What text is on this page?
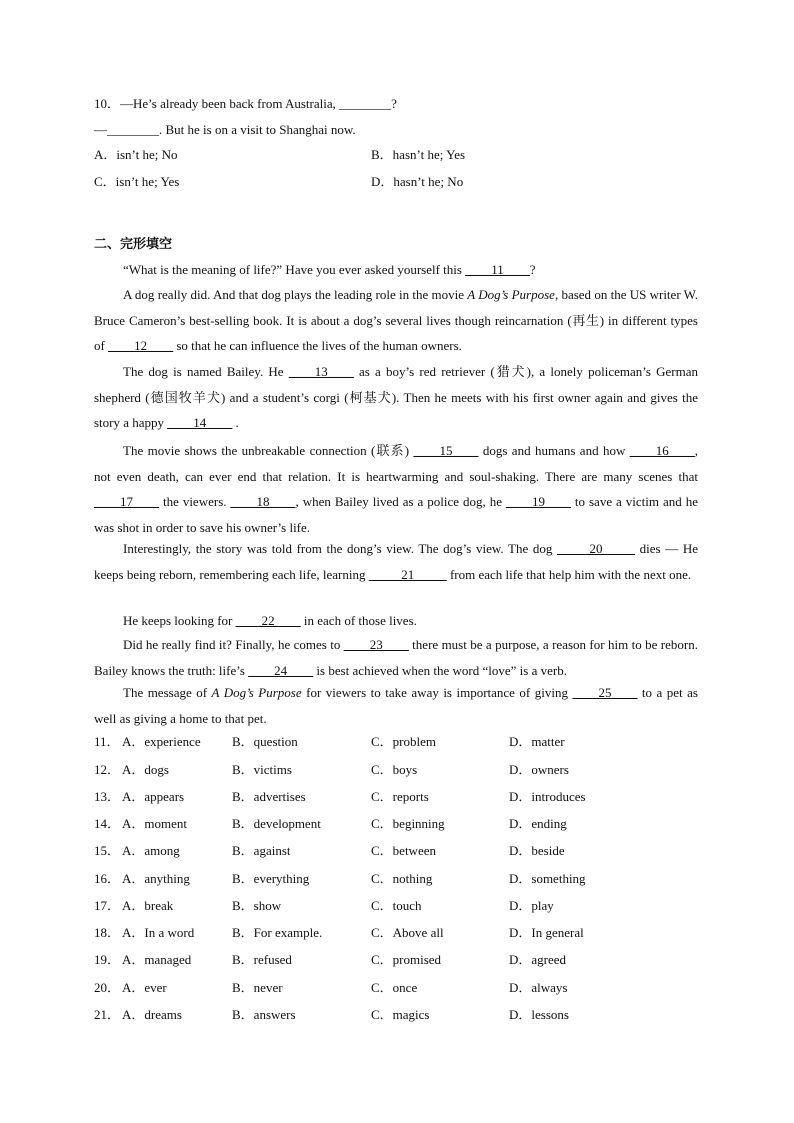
10．—He’s already been back from Australia, ________?
—________. But he is on a visit to Shanghai now.
A．isn’t he; No	B．hasn’t he; Yes
C．isn’t he; Yes	D．hasn’t he; No
二、完形填空

“What is the meaning of life?” Have you ever asked yourself this ____11____?

A dog really did. And that dog plays the leading role in the movie A Dog’s Purpose, based on the US writer W. Bruce Cameron’s best-selling book. It is about a dog’s several lives though reincarnation (再生) in different types of ____12____ so that he can influence the lives of the human owners.

The dog is named Bailey. He ____13____ as a boy’s red retriever (猎犬), a lonely policeman’s German shepherd (德国牧羊犬) and a student’s corgi (柯基犬). Then he meets with his first owner again and gives the story a happy ____14____ .

The movie shows the unbreakable connection (联系) ____15____ dogs and humans and how ____16____, not even death, can ever end that relation. It is heartwarming and soul-shaking. There are many scenes that ____17____ the viewers. ____18____, when Bailey lived as a police dog, he ____19____ to save a victim and he was shot in order to save his owner’s life.

Interestingly, the story was told from the dong’s view. The dog’s view. The dog _____20_____ dies — He keeps being reborn, remembering each life, learning _____21_____ from each life that help him with the next one.

He keeps looking for ____22____ in each of those lives.

Did he really find it? Finally, he comes to ____23____ there must be a purpose, a reason for him to be reborn. Bailey knows the truth: life’s ____24____ is best achieved when the word “love” is a verb.

The message of A Dog’s Purpose for viewers to take away is importance of giving ____25____ to a pet as well as giving a home to that pet.

11． A．experience B．question	C．problem	D．matter
12． A．dogs	B．victims	C．boys	D．owners
13． A．appears	B．advertises	C．reports	D．introduces
14． A．moment	B．development	C．beginning	D．ending
15． A．among	B．against	C．between	D．beside
16． A．anything	B．everything	C．nothing	D．something
17． A．break	B．show	C．touch	D．play
18． A．In a word	B．For example.	C．Above all	D．In general
19． A．managed	B．refused	C．promised	D．agreed
20． A．ever	B．never	C．once	D．always
21． A．dreams	B．answers	C．magics	D．lessons
